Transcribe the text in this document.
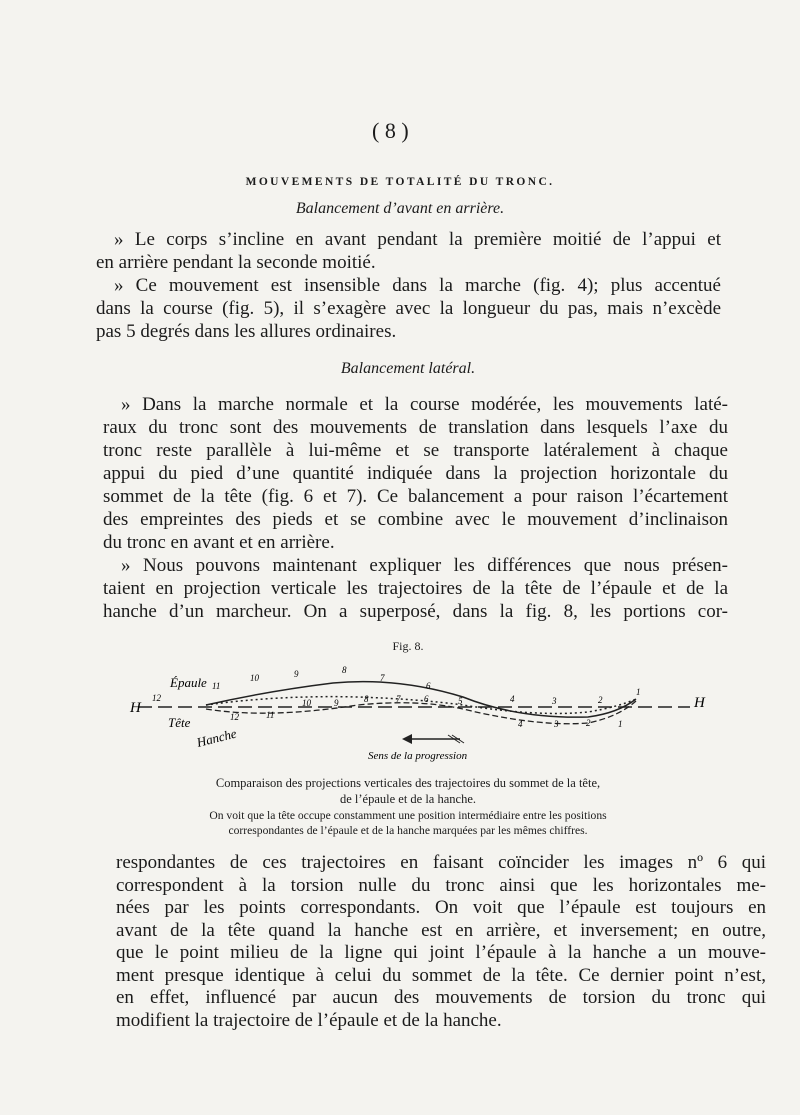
( 8 )
MOUVEMENTS DE TOTALITÉ DU TRONC.
Balancement d’avant en arrière.
» Le corps s’incline en avant pendant la première moitié de l’appui et
en arrière pendant la seconde moitié.
» Ce mouvement est insensible dans la marche (fig. 4); plus accentué
dans la course (fig. 5), il s’exagère avec la longueur du pas, mais n’excède
pas 5 degrés dans les allures ordinaires.
Balancement latéral.
» Dans la marche normale et la course modérée, les mouvements laté-
raux du tronc sont des mouvements de translation dans lesquels l’axe du
tronc reste parallèle à lui-même et se transporte latéralement à chaque
appui du pied d’une quantité indiquée dans la projection horizontale du
sommet de la tête (fig. 6 et 7). Ce balancement a pour raison l’écartement
des empreintes des pieds et se combine avec le mouvement d’inclinaison
du tronc en avant et en arrière.
» Nous pouvons maintenant expliquer les différences que nous présen-
taient en projection verticale les trajectoires de la tête de l’épaule et de la
hanche d’un marcheur. On a superposé, dans la fig. 8, les portions cor-
Fig. 8.
Épaule
Tête
Hanche
H	H
12
11
10	9	8
7
6
5	4	3	2
1
10	9	8	7	6
12	11
4	3	2	1
Sens de la progression
Comparaison des projections verticales des trajectoires du sommet de la tête,
de l’épaule et de la hanche.
On voit que la tête occupe constamment une position intermédiaire entre les positions
correspondantes de l’épaule et de la hanche marquées par les mêmes chiffres.
respondantes de ces trajectoires en faisant coïncider les images nº 6 qui
correspondent à la torsion nulle du tronc ainsi que les horizontales me-
nées par les points correspondants. On voit que l’épaule est toujours en
avant de la tête quand la hanche est en arrière, et inversement; en outre,
que le point milieu de la ligne qui joint l’épaule à la hanche a un mouve-
ment presque identique à celui du sommet de la tête. Ce dernier point n’est,
en effet, influencé par aucun des mouvements de torsion du tronc qui
modifient la trajectoire de l’épaule et de la hanche.
